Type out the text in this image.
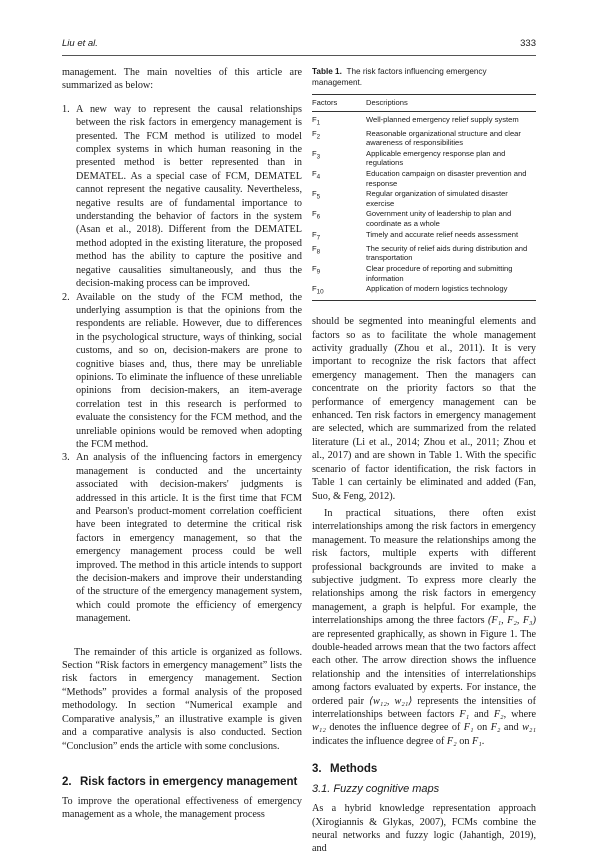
Liu et al.	333

management. The main novelties of this article are summarized as below:

1. A new way to represent the causal relationships between the risk factors in emergency management is presented. The FCM method is utilized to model complex systems in which human reasoning in the presented method is better represented than in DEMATEL. As a special case of FCM, DEMATEL cannot represent the negative causality. Nevertheless, negative results are of fundamental importance to understanding the behavior of factors in the system (Asan et al., 2018). Different from the DEMATEL method adopted in the existing literature, the proposed method has the ability to capture the positive and negative causalities simultaneously, and thus the decision-making process can be improved.
2. Available on the study of the FCM method, the underlying assumption is that the opinions from the respondents are reliable. However, due to differences in the psychological structure, ways of thinking, social customs, and so on, decision-makers are prone to cognitive biases and, thus, there may be unreliable opinions. To eliminate the influence of these unreliable opinions from decision-makers, an item-average correlation test in this research is performed to evaluate the consistency for the FCM method, and the unreliable opinions would be removed when adopting the FCM method.
3. An analysis of the influencing factors in emergency management is conducted and the uncertainty associated with decision-makers' judgments is addressed in this article. It is the first time that FCM and Pearson's product-moment correlation coefficient have been integrated to determine the critical risk factors in emergency management, so that the emergency management process could be well improved. The method in this article intends to support the decision-makers and improve their understanding of the structure of the emergency management system, which could promote the efficiency of emergency management.

The remainder of this article is organized as follows. Section “Risk factors in emergency management” lists the risk factors in emergency management. Section “Methods” provides a formal analysis of the proposed methodology. In section “Numerical example and Comparative analysis,” an illustrative example is given and a comparative analysis is also conducted. Section “Conclusion” ends the article with some conclusions.

2. Risk factors in emergency management

To improve the operational effectiveness of emergency management as a whole, the management process

Table 1. The risk factors influencing emergency management.
Factors	Descriptions
$F_1$	Well-planned emergency relief supply system
$F_2$	Reasonable organizational structure and clear awareness of responsibilities
$F_3$	Applicable emergency response plan and regulations
$F_4$	Education campaign on disaster prevention and response
$F_5$	Regular organization of simulated disaster exercise
$F_6$	Government unity of leadership to plan and coordinate as a whole
$F_7$	Timely and accurate relief needs assessment
$F_8$	The security of relief aids during distribution and transportation
$F_9$	Clear procedure of reporting and submitting information
$F_{10}$	Application of modern logistics technology

should be segmented into meaningful elements and factors so as to facilitate the whole management activity gradually (Zhou et al., 2011). It is very important to recognize the risk factors that affect emergency management. Then the managers can concentrate on the priority factors so that the performance of emergency management can be enhanced. Ten risk factors in emergency management are selected, which are summarized from the related literature (Li et al., 2014; Zhou et al., 2011; Zhou et al., 2017) and are shown in Table 1. With the specific scenario of factor identification, the risk factors in Table 1 can certainly be eliminated and added (Fan, Suo, & Feng, 2012).

In practical situations, there often exist interrelationships among the risk factors in emergency management. To measure the relationships among the risk factors, multiple experts with different professional backgrounds are invited to make a subjective judgment. To express more clearly the relationships among the risk factors in emergency management, a graph is helpful. For example, the interrelationships among the three factors (F₁, F₂, F₃) are represented graphically, as shown in Figure 1. The double-headed arrows mean that the two factors affect each other. The arrow direction shows the influence relationship and the intensities of interrelationships among factors evaluated by experts. For instance, the ordered pair ⟨w₁₂, w₂₁⟩ represents the intensities of interrelationships between factors F₁ and F₂, where w₁₂ denotes the influence degree of F₁ on F₂ and w₂₁ indicates the influence degree of F₂ on F₁.

3. Methods
3.1. Fuzzy cognitive maps

As a hybrid knowledge representation approach (Xirogiannis & Glykas, 2007), FCMs combine the neural networks and fuzzy logic (Jahantigh, 2019), and
